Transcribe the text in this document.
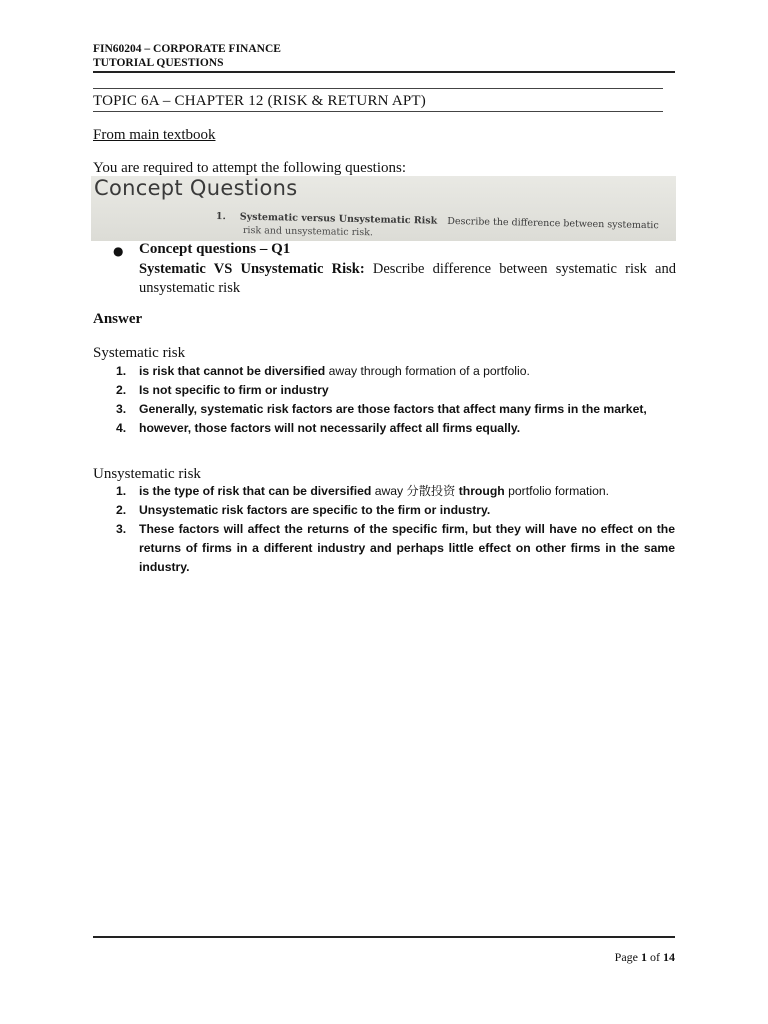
FIN60204 – CORPORATE FINANCE
TUTORIAL QUESTIONS
TOPIC 6A – CHAPTER 12 (RISK & RETURN APT)
From main textbook
You are required to attempt the following questions:
Concept Questions
1. Systematic versus Unsystematic Risk Describe the difference between systematic
risk and unsystematic risk.
● Concept questions – Q1
Systematic VS Unsystematic Risk: Describe difference between systematic risk and unsystematic risk
Answer
Systematic risk
1. is risk that cannot be diversified away through formation of a portfolio.
2. Is not specific to firm or industry
3. Generally, systematic risk factors are those factors that affect many firms in the market,
4. however, those factors will not necessarily affect all firms equally.
Unsystematic risk
1. is the type of risk that can be diversified away 分散投资 through portfolio formation.
2. Unsystematic risk factors are specific to the firm or industry.
3. These factors will affect the returns of the specific firm, but they will have no effect on the returns of firms in a different industry and perhaps little effect on other firms in the same industry.
Page 1 of 14
